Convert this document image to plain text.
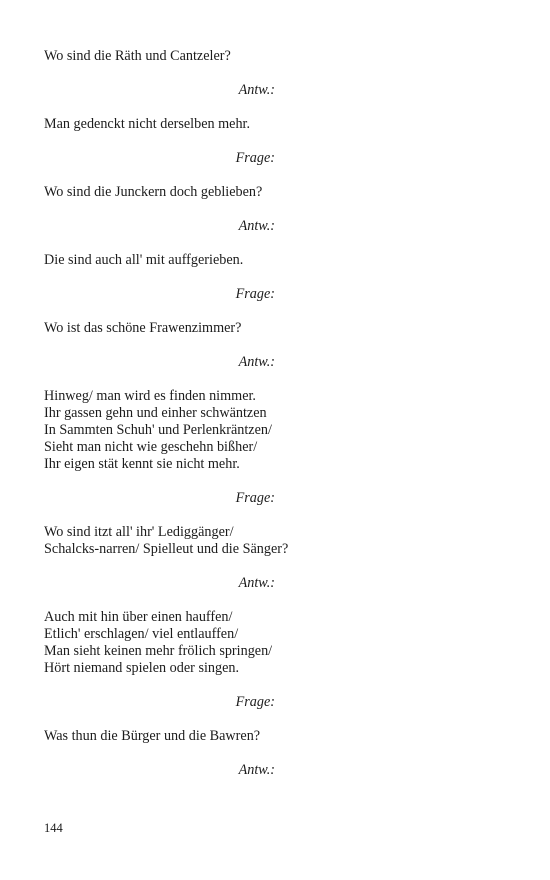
Wo sind die Räth und Cantzeler?

Antw.:

Man gedenckt nicht derselben mehr.

Frage:

Wo sind die Junckern doch geblieben?

Antw.:

Die sind auch all' mit auffgerieben.

Frage:

Wo ist das schöne Frawenzimmer?

Antw.:

Hinweg/ man wird es finden nimmer.
Ihr gassen gehn und einher schwäntzen
In Sammten Schuh' und Perlenkräntzen/
Sieht man nicht wie geschehn bißher/
Ihr eigen stät kennt sie nicht mehr.

Frage:

Wo sind itzt all' ihr' Lediggänger/
Schalcks-narren/ Spielleut und die Sänger?

Antw.:

Auch mit hin über einen hauffen/
Etlich' erschlagen/ viel entlauffen/
Man sieht keinen mehr frölich springen/
Hört niemand spielen oder singen.

Frage:

Was thun die Bürger und die Bawren?

Antw.:

144
